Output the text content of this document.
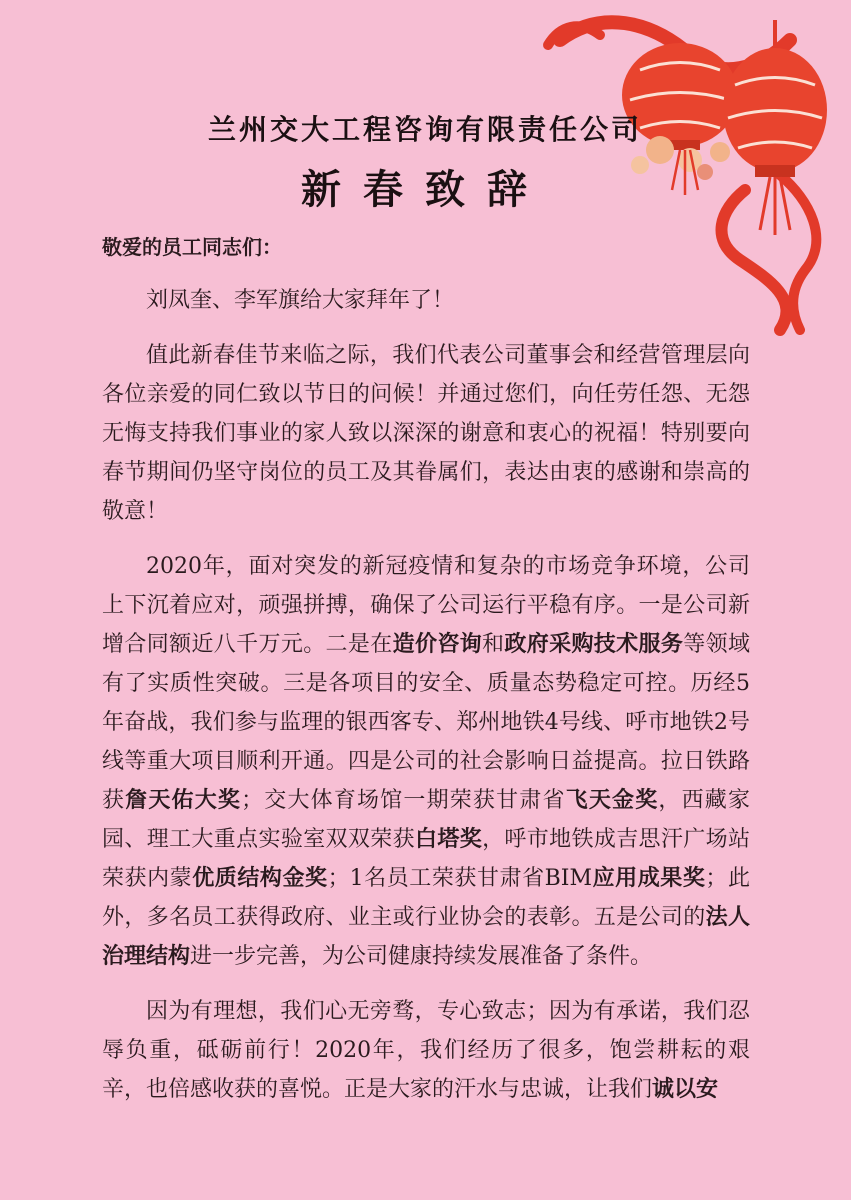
兰州交大工程咨询有限责任公司
新春致辞

敬爱的员工同志们：

刘凤奎、李军旗给大家拜年了！

值此新春佳节来临之际，我们代表公司董事会和经营管理层向各位亲爱的同仁致以节日的问候！并通过您们，向任劳任怨、无怨无悔支持我们事业的家人致以深深的谢意和衷心的祝福！特别要向春节期间仍坚守岗位的员工及其眷属们，表达由衷的感谢和崇高的敬意！

2020年，面对突发的新冠疫情和复杂的市场竞争环境，公司上下沉着应对，顽强拼搏，确保了公司运行平稳有序。一是公司新增合同额近八千万元。二是在造价咨询和政府采购技术服务等领域有了实质性突破。三是各项目的安全、质量态势稳定可控。历经5年奋战，我们参与监理的银西客专、郑州地铁4号线、呼市地铁2号线等重大项目顺利开通。四是公司的社会影响日益提高。拉日铁路获詹天佑大奖；交大体育场馆一期荣获甘肃省飞天金奖，西藏家园、理工大重点实验室双双荣获白塔奖，呼市地铁成吉思汗广场站荣获内蒙优质结构金奖；1名员工荣获甘肃省BIM应用成果奖；此外，多名员工获得政府、业主或行业协会的表彰。五是公司的法人治理结构进一步完善，为公司健康持续发展准备了条件。

因为有理想，我们心无旁骛，专心致志；因为有承诺，我们忍辱负重，砥砺前行！2020年，我们经历了很多，饱尝耕耘的艰辛，也倍感收获的喜悦。正是大家的汗水与忠诚，让我们诚以安
